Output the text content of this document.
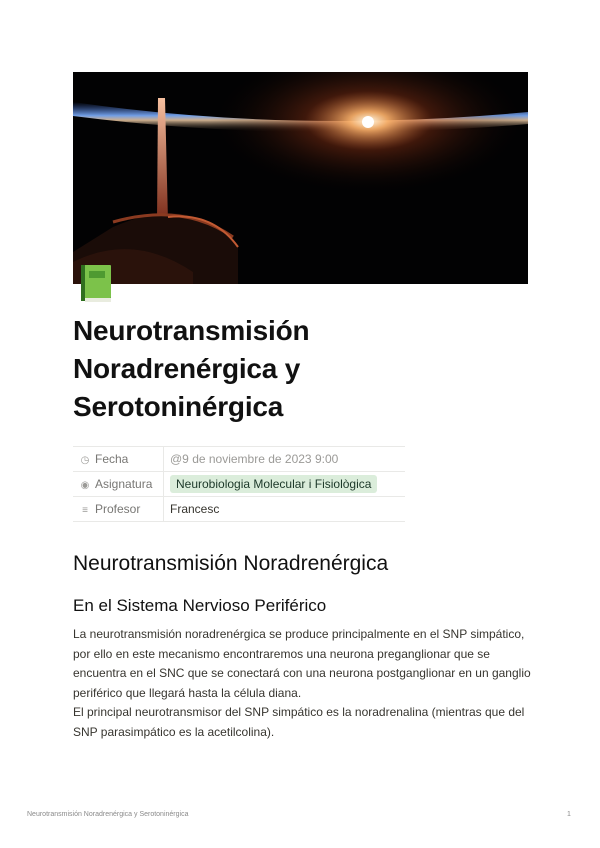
Neurotransmisión Noradrenérgica y Serotoninérgica
◷ Fecha	@9 de noviembre de 2023 9:00
◉ Asignatura	Neurobiologia Molecular i Fisiològica
≡ Profesor	Francesc
Neurotransmisión Noradrenérgica
En el Sistema Nervioso Periférico

La neurotransmisión noradrenérgica se produce principalmente en el SNP simpático, por ello en este mecanismo encontraremos una neurona preganglionar que se encuentra en el SNC que se conectará con una neurona postganglionar en un ganglio periférico que llegará hasta la célula diana.

El principal neurotransmisor del SNP simpático es la noradrenalina (mientras que del SNP parasimpático es la acetilcolina).

Neurotransmisión Noradrenérgica y Serotoninérgica	1
